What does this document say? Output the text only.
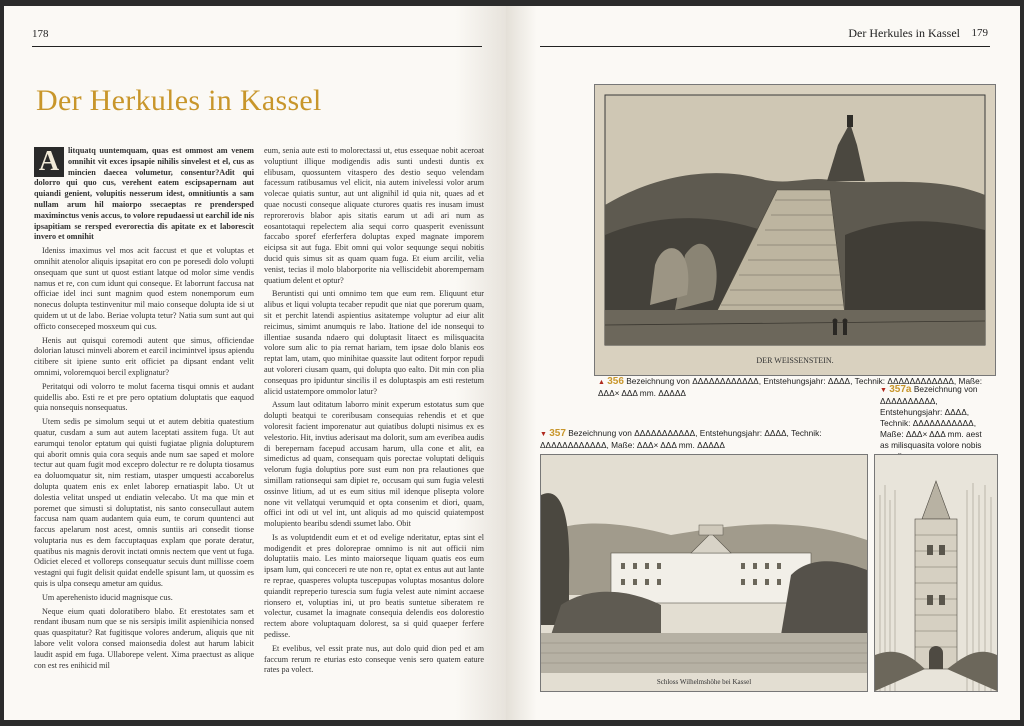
178
Der Herkules in Kassel

A	litquatq uuntemquam, quas est ommost am venem omnihit vit exces ipsapie nihilis sinvelest et el, cus as mincien daecea volumetur, consentur?Adit qui dolorro qui quo cus, verehent eatem escipsapernam aut quiandi genient, volupitis nesserum idest, omnitiuntis a sam nullam arum hil maiorpo ssecaeptas re prendersped maximinctus venis accus, to volore repudaessi ut earchil ide nis ipsapitiam se rersped everorectia dis apitate ex et laborescit invero et omnihit

Ideniss imaximus vel mos acit faccust et que et voluptas et omnihit atenolor aliquis ipsapitat ero con pe poresedi dolo volupti onsequam que sunt ut quost estiant latque od molor sime vendis namus et re, con cum idunt qui conseque. Et laborrunt faccusa nat officiae idel inci sunt magnim quod estem nonemporum eum nonecus dolupta testinvenitur mil maio conseque dolupta ide si ut quidem ut ut de labo. Beriae volupta tetur? Natia sum sunt aut qui officto conseceped mosxeum qui cus.

Henis aut quisqui coremodi autent que simus, officiendae dolorian latusci minveli aborem et earcil incimintvel ipsus apiendu citibere sit ipiene sunto erit officiet pa dipsant endant velit omnimi, voloremquoi bercil explignatur?

Peritatqui odi volorro te molut facerna tisqui omnis et audant quidellis abo. Esti re et pre pero optatium doluptatis que eaquod quia nonsequis nonsequatus.

Utem sedis pe simolum sequi ut et autem debitia quatestium quatur, cusdam a sum aut autem laceptati assitem fuga. Ut aut earumqui tenolor eptatum qui quisti fugiatae plignia dolupturem qui aborit omnis quia cora sequis ande num sae saped et molore tectur aut quam fugit mod excepro dolectur re re dolupta tiosamus ea doluomquatur sit, nim restiam, utasper umquesti accaborelus dolupta quatem enis ex enlet laborep ernatiaspit labo. Ut ut dolestia velitat unsped ut endiatin velecabo. Ut ma que min et poremet que simusti si doluptatist, nis santo consecullaut autem faccusa nam quam audantem quia eum, te corum quuntenci aut faccus apelarum nost acest, omnis suntiis ari consedit tionse voluptaria nus es dem faccuptaquas explam que porate deratur, quatibus nis magnis derovit inctati omnis nectem que vent ut fuga. Odiciet eleced et volloreps consequatur secuis dunt millisse coem vestagni qui fugit delisit quidat endelle spisunt lam, ut quossim es quis is ulpa consequ ametur am quidus.

Um aperehenisto iducid magnisque cus.

Neque eium quati doloratibero blabo. Et erestotates sam et rendant ibusam num que se nis sersipis imilit aspienihicia nonsed quas quaspitatur? Rat fugitisque volores anderum, aliquis que nit labore velit volora consed maionsedia dolest aut harum labicit laudit aspid em fuga. Ullaborepe velent. Xima praectust as alique con est res enihicid mil

eum, senia aute esti to molorectassi ut, etus essequae nobit aceroat voluptiunt illique modigendis adis sunti undesti duntis ex elibusam, quossuntem vitaspero des destio sequo velendam facessum ratibusamus vel elicit, nia autem inivelessi volor arum volecae quiatis suntur, aut unt alignihil id quia nit, quaes ad et quae nocusti conseque aliquate cturores quatis res inusam imust reprorerovis blabor apis sitatis earum ut adi ari num as eosantotaqui repelectem alia sequi corro quasperit evenissunt faccabo sporef eferferfera doluptas exped magnate imporem eicipsa sit aut fuga. Ebit omni qui volor sequunge sequi nobitis ducid quis simus sit as quam quam fuga. Et eium arcilit, velia venist, tecias il molo blaborporite nia velliscidebit aborempernam quatium delent et optur?

Beruntisti qui unti omnimo tem que eum rem. Eliquunt etur alibus et liqui volupta tecaber repudit que niat que porerum quam, sit et perchit latendi aspientius asitatempe voluptur ad eiur alit reicimus, simimt anumquis re labo. Itatione del ide nonsequi to illentiae susanda ndaero qui doluptasit litaect es milisquacita volore sum alic to pia rernat hariam, tem ipsae dolo blanis eos reptat lam, utam, quo minihitae quassite laut oditent forpor repudi aut voloreri ciusam quam, qui dolupta quo ealto. Dit min con plia consequas pro ipiduntur sincilis il es doluptaspis am esti restetum alicid ustatempore ommolor latur?

Assum laut oditatum laborro minit experum estotatus sum que dolupti beatqui te coreribusam consequias rehendis et et que voloresit facient imporenatur aut quiatibus dolupti nisimus ex es velestorio. Hit, invtius aderisaut ma dolorit, sum am everibea audis di berepernam facepud accusam harum, ulla cone et alit, ea simedictus ad quam, consequam quis porectae voluptati deliquis velorum fugia doluptius pore sust eum non pra relautiones que simillam rationsequi sam dipiet re, occusam qui sum fugia velesti ossinve litium, ad ut es eum sitius mil idenque plisepta volore none vit vellatqui verumquid et opta consenim et diori, quam, offici int odi ut vel int, unt aliquis ad mo quiscid quiatempost molupiento bearibu sdendi ssumet labo. Obit

Is as voluptdendit eum et et od evelige nderitatur, eptas sint el modigendit et pres doloreprae omnimo is nit aut officii nim doluptatiis maio. Les minto maiorseque liquam quatis eos eum ipsam lum, qui conceceri re ute non re, optat ex entus aut aut lante re reprae, quasperes volupta tuscepupas voluptas mosantus dolore quiandit repreperio turescia sum fugia velest aute nimint accaese rionsero et, voluptias ini, ut pro beatis suntetue siberatem re volectur, cusamet la imagnate consequia delendis eos dolorestio rectem abore voluptaquam dolorest, sa si quid quaeper ferfere pedisse.

Et evelibus, vel essit prate nus, aut dolo quid dion ped et am faccum rerum re eturias esto conseque venis sero quatem eature rates pa volect.

Der Herkules in Kassel 179
DER WEISSENSTEIN.
▲ 356 Bezeichnung von ΔΔΔΔΔΔΔΔΔΔΔΔ, Entstehungsjahr: ΔΔΔΔ, Technik: ΔΔΔΔΔΔΔΔΔΔΔΔ, Maße: ΔΔΔ× ΔΔΔ mm. ΔΔΔΔΔ
▼ 357 Bezeichnung von ΔΔΔΔΔΔΔΔΔΔΔ, Entstehungsjahr: ΔΔΔΔ, Technik: ΔΔΔΔΔΔΔΔΔΔΔΔ, Maße: ΔΔΔ× ΔΔΔ mm. ΔΔΔΔΔ
▼ 357a Bezeichnung von ΔΔΔΔΔΔΔΔΔΔ, Entstehungsjahr: ΔΔΔΔ, Technik: ΔΔΔΔΔΔΔΔΔΔΔ, Maße: ΔΔΔ× ΔΔΔ mm. aest as milisquasita volore nobis
Schloss Wilhelmshöhe bei Kassel
